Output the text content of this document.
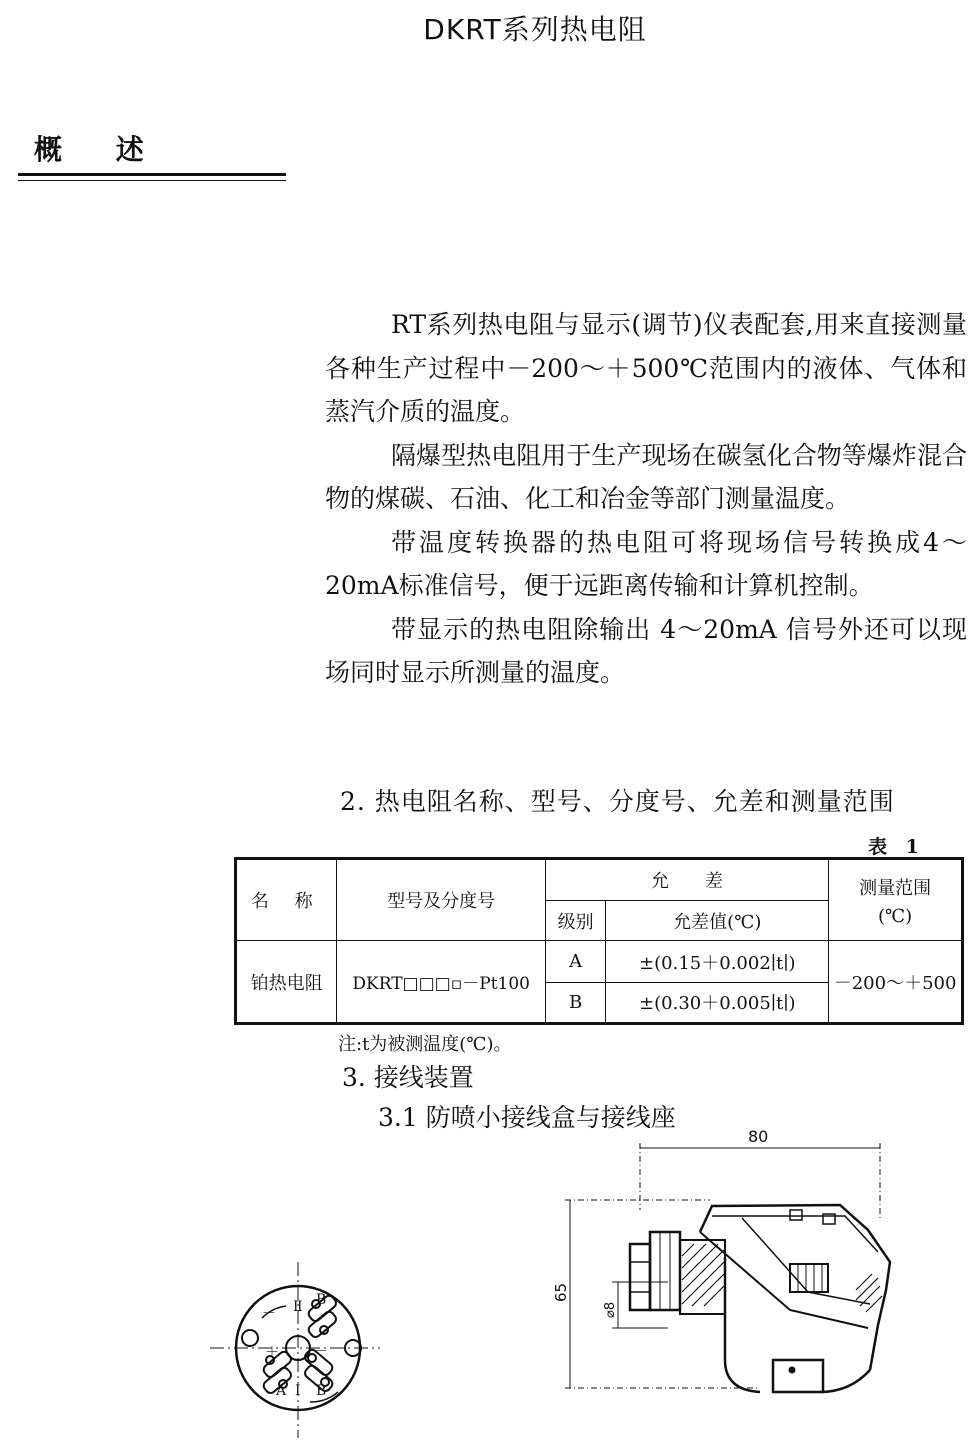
DKRT系列热电阻
概 述

RT系列热电阻与显示(调节)仪表配套,用来直接测量各种生产过程中－200～＋500℃范围内的液体、气体和蒸汽介质的温度。

隔爆型热电阻用于生产现场在碳氢化合物等爆炸混合物的煤碳、石油、化工和冶金等部门测量温度。

带温度转换器的热电阻可将现场信号转换成4～20mA标准信号，便于远距离传输和计算机控制。

带显示的热电阻除输出 4～20mA 信号外还可以现场同时显示所测量的温度。

2. 热电阻名称、型号、分度号、允差和测量范围
表 1
名 称	型号及分度号	允　　差		测量范围
(℃)

		级别	允差值(℃)	
铂热电阻	DKRT□□□▫－Pt100	A	±(0.15＋0.002∣t∣)	－200～＋500
		B	±(0.30＋0.005∣t∣)	
注:t为被测温度(℃)。
3. 接线装置
3.1 防喷小接线盒与接线座
Ⅱ B
－
＋	－
A Ⅰ B
80
65
⌀8
